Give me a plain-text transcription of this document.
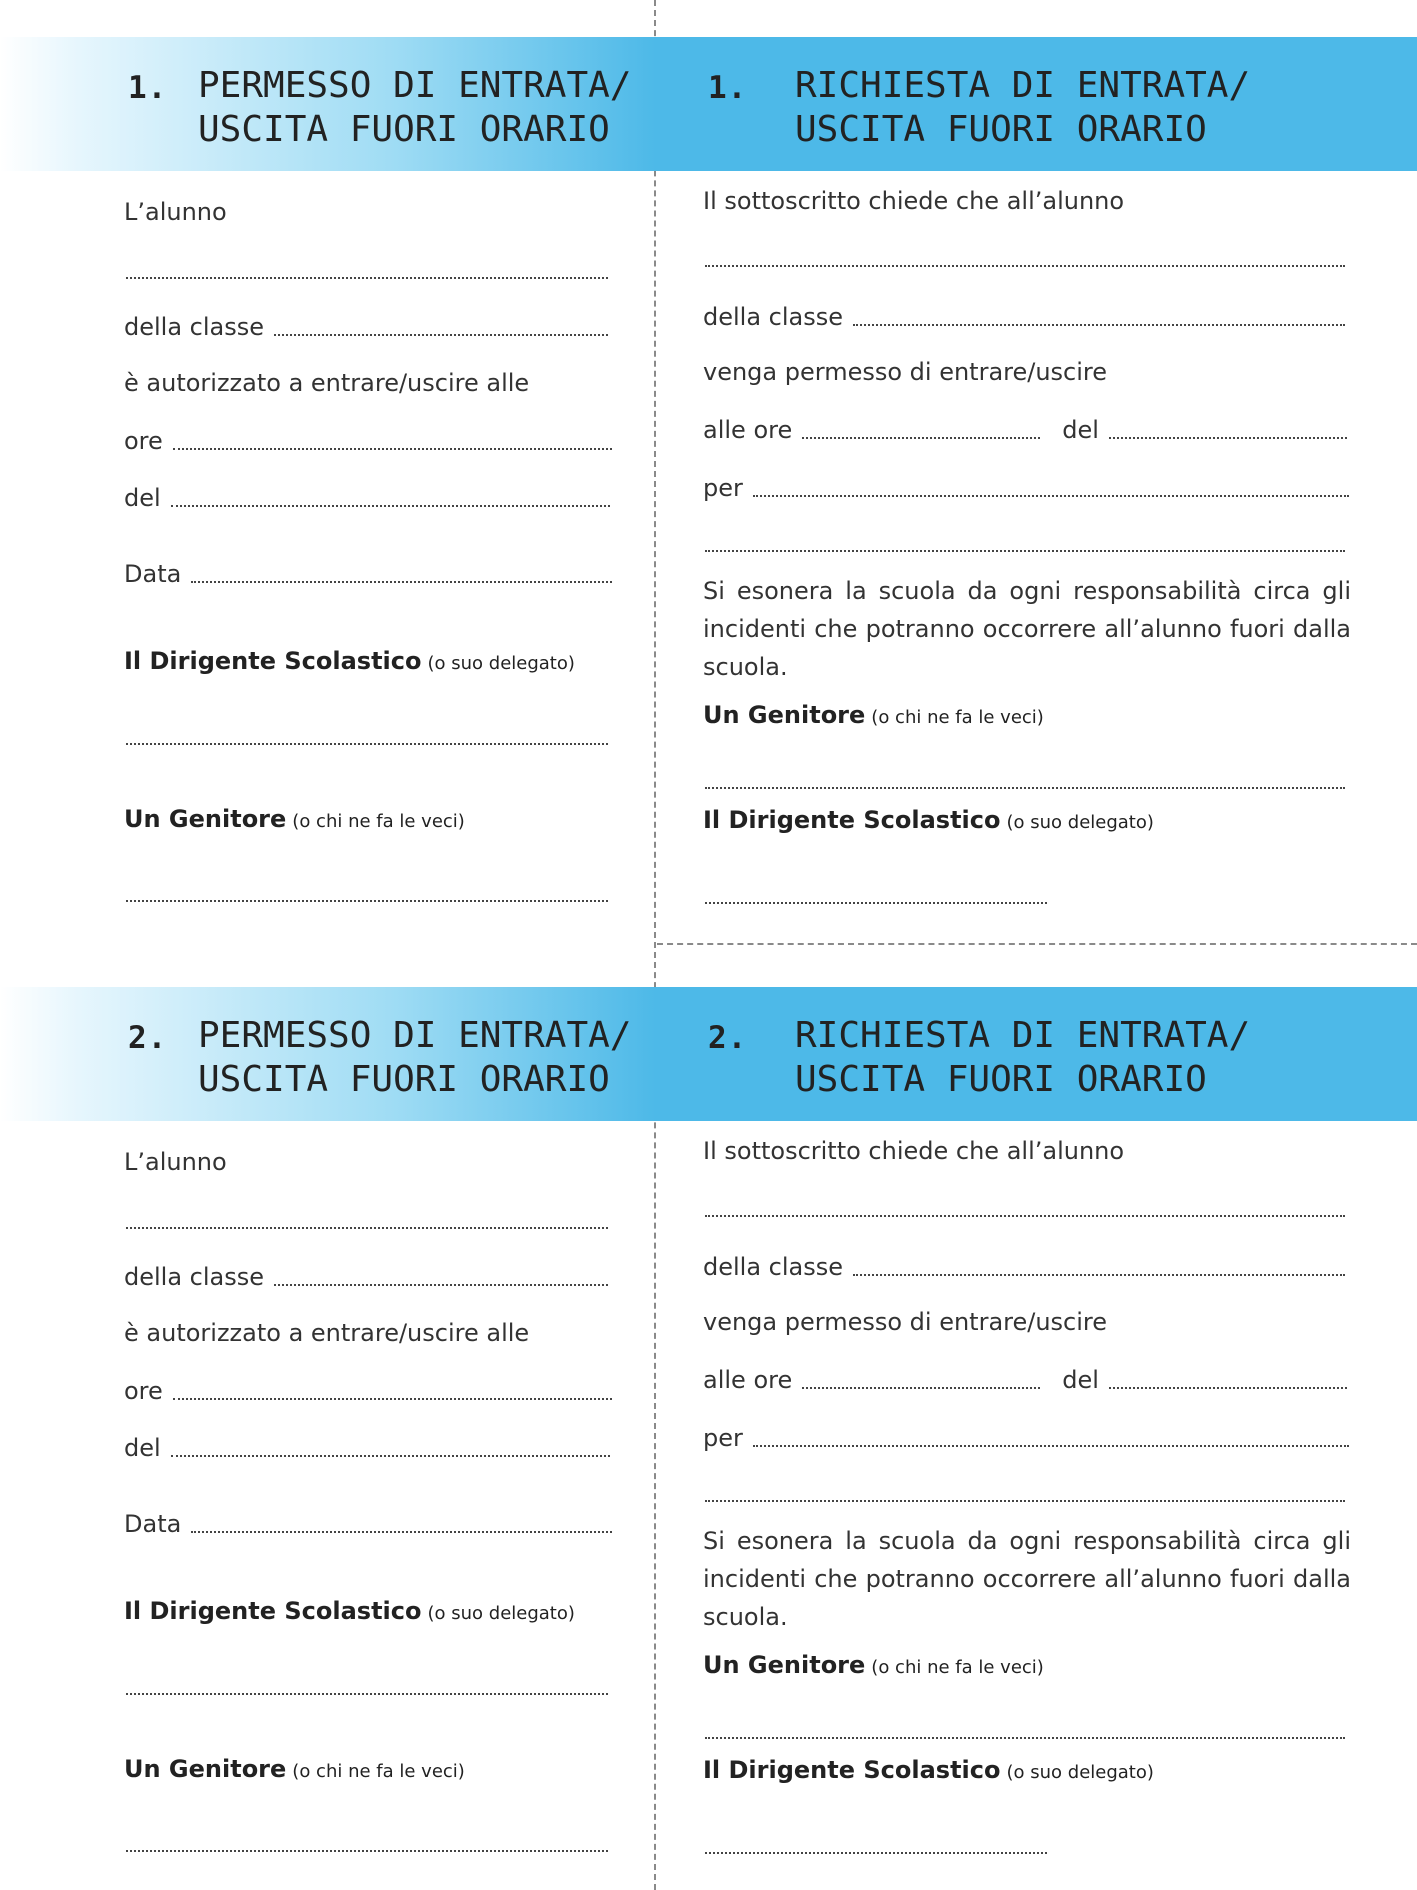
1. PERMESSO DI ENTRATA/
USCITA FUORI ORARIO
1. RICHIESTA DI ENTRATA/
USCITA FUORI ORARIO
L’alunno
della classe
è autorizzato a entrare/uscire alle
ore
del
Data
Il Dirigente Scolastico (o suo delegato)
Un Genitore (o chi ne fa le veci)
Il sottoscritto chiede che all’alunno
della classe
venga permesso di entrare/uscire
alle ore	del
per
Si esonera la scuola da ogni responsabilità circa gli incidenti che potranno occorrere all’alunno fuori dalla scuola.
Un Genitore (o chi ne fa le veci)
Il Dirigente Scolastico (o suo delegato)
2. PERMESSO DI ENTRATA/
USCITA FUORI ORARIO
2. RICHIESTA DI ENTRATA/
USCITA FUORI ORARIO
L’alunno
della classe
è autorizzato a entrare/uscire alle
ore
del
Data
Il Dirigente Scolastico (o suo delegato)
Un Genitore (o chi ne fa le veci)
Il sottoscritto chiede che all’alunno
della classe
venga permesso di entrare/uscire
alle ore	del
per
Si esonera la scuola da ogni responsabilità circa gli incidenti che potranno occorrere all’alunno fuori dalla scuola.
Un Genitore (o chi ne fa le veci)
Il Dirigente Scolastico (o suo delegato)
